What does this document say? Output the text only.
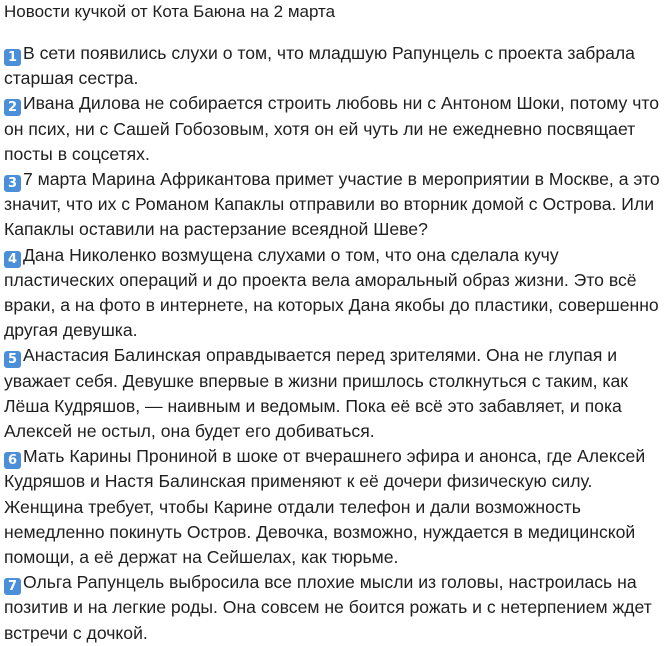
Новости кучкой от Кота Баюна на 2 марта

1 В сети появились слухи о том, что младшую Рапунцель с проекта забрала старшая сестра.

2 Ивана Дилова не собирается строить любовь ни с Антоном Шоки, потому что он псих, ни с Сашей Гобозовым, хотя он ей чуть ли не ежедневно посвящает посты в соцсетях.

3 7 марта Марина Африкантова примет участие в мероприятии в Москве, а это значит, что их с Романом Капаклы отправили во вторник домой с Острова. Или Капаклы оставили на растерзание всеядной Шеве?

4 Дана Николенко возмущена слухами о том, что она сделала кучу пластических операций и до проекта вела аморальный образ жизни. Это всё враки, а на фото в интернете, на которых Дана якобы до пластики, совершенно другая девушка.

5 Анастасия Балинская оправдывается перед зрителями. Она не глупая и уважает себя. Девушке впервые в жизни пришлось столкнуться с таким, как Лёша Кудряшов, — наивным и ведомым. Пока её всё это забавляет, и пока Алексей не остыл, она будет его добиваться.

6 Мать Карины Прониной в шоке от вчерашнего эфира и анонса, где Алексей Кудряшов и Настя Балинская применяют к её дочери физическую силу. Женщина требует, чтобы Карине отдали телефон и дали возможность немедленно покинуть Остров. Девочка, возможно, нуждается в медицинской помощи, а её держат на Сейшелах, как тюрьме.

7 Ольга Рапунцель выбросила все плохие мысли из головы, настроилась на позитив и на легкие роды. Она совсем не боится рожать и с нетерпением ждет встречи с дочкой.
